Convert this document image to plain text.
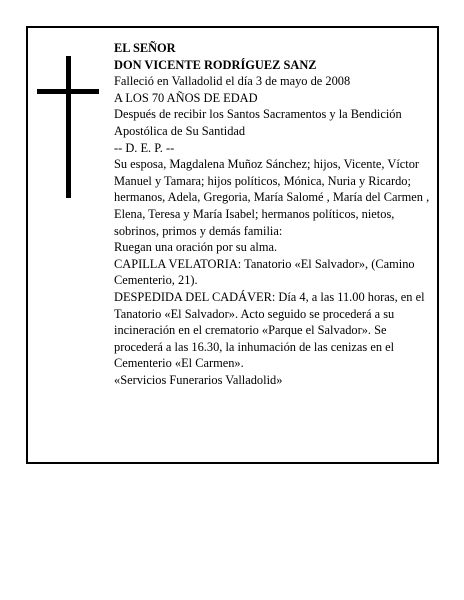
EL SEÑOR
DON VICENTE RODRÍGUEZ SANZ
Falleció en Valladolid el día 3 de mayo de 2008
A LOS 70 AÑOS DE EDAD
Después de recibir los Santos Sacramentos y la Bendición Apostólica de Su Santidad
-- D. E. P. --
Su esposa, Magdalena Muñoz Sánchez; hijos, Vicente, Víctor Manuel y Tamara; hijos políticos, Mónica, Nuria y Ricardo; hermanos, Adela, Gregoria, María Salomé , María del Carmen , Elena, Teresa y María Isabel; hermanos políticos, nietos, sobrinos, primos y demás familia:
Ruegan una oración por su alma.
CAPILLA VELATORIA: Tanatorio «El Salvador», (Camino Cementerio, 21).
DESPEDIDA DEL CADÁVER: Día 4, a las 11.00 horas, en el Tanatorio «El Salvador». Acto seguido se procederá a su incineración en el crematorio «Parque el Salvador». Se procederá a las 16.30, la inhumación de las cenizas en el Cementerio «El Carmen».
«Servicios Funerarios Valladolid»
